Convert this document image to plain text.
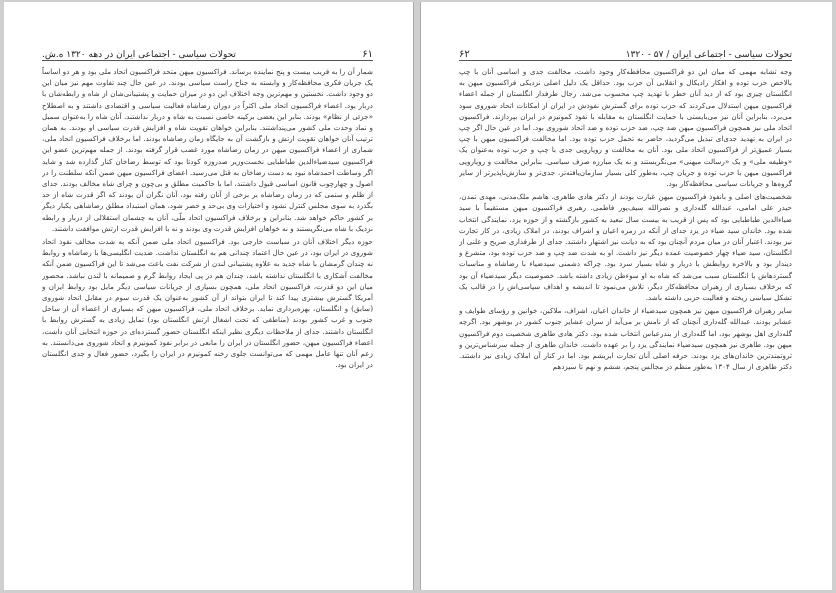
تحولات سیاسی - اجتماعی ایران در دهه ۱۳۲۰ ه.ش.	۶۱

شمار آن را به فریب بیست و پنج نماینده برساند. فراکسیون میهن متحد فراکسیون اتحاد ملی بود و هر دو اساساً یک جریان فکری محافظه‌کار و وابسته به جناح راست سیاسی بودند. در عین حال چند تفاوت مهم نیز میان این دو وجود داشت. نخستین و مهم‌ترین وجه اختلاف این دو در میزان حمایت و پشتیبانی‌شان از شاه و رابطه‌شان با دربار بود. اعضاء فراکسیون اتحاد ملی اکثراً در دوران رضاشاه فعالیت سیاسی و اقتصادی داشتند و به اصطلاح «جزئی از نظام» بودند. بنابر این بعضی برکینه خاصی نسبت به شاه و دربار نداشتند. آنان شاه را به‌عنوان سمبل و نماد وحدت ملی کشور می‌پنداشتند. بنابراین خواهان تقویت شاه و افزایش قدرت سیاسی او بودند. به همان ترتیب آنان خواهان تقویت ارتش و بازگشت آن به جایگاه زمان رضاشاه بودند. اما برخلاف فراکسیون اتحاد ملی، شماری از اعضاء فراکسیون میهن در زمان رضاشاه مورد غضب قرار گرفته بودند. از جمله مهم‌ترین عضو این فراکسیون سیدضیاءالدین طباطبایی نخست‌وزیر صدروزه کودتا بود که توسط رضاخان کنار گذارده شد و شاید اگر وساطت احمدشاه نبود به دست رضاخان به قتل می‌رسید. اعضای فراکسیون میهن ضمن آنکه سلطنت را در اصول و چهارچوب قانون اساسی قبول داشتند، اما با حاکمیت مطلق و بی‌چون و چرای شاه مخالف بودند. جدای از ظلم و ستمی که در زمان رضاشاه بر برخی از آنان رفته بود، آنان نگران آن بودند که اگر قدرت شاه از حد بگذرد به سوی مجلس کنترل نشود و اختیارات وی بی‌حد و حصر شود، همان استبداد مطلق رضاشاهی یکبار دیگر بر کشور حاکم خواهد شد. بنابراین و برخلاف فراکسیون اتحاد ملّی، آنان به چشمان استقلالی از دربار و رابطه نزدیک با شاه می‌نگریستند و نه خواهان افزایش قدرت وی بودند و نه با افزایش قدرت ارتش موافقت داشتند.

حوزه دیگر اختلاف آنان در سیاست خارجی بود. فراکسیون اتحاد ملی ضمن آنکه به شدت مخالف نفوذ اتحاد شوروی در ایران بود، در عین حال اعتماد چندانی هم به انگلستان نداشت. ضدیت انگلیسی‌ها با رضاشاه و روابط نه چندان گرمشان با شاه جدید به علاوه پشتیبانی لندن از شرکت نفت باعث می‌شد تا این فراکسیون ضمن آنکه مخالفت آشکاری با انگلستان نداشته باشد، چندان هم در پی ایجاد روابط گرم و صمیمانه با لندن نباشد. محصور میان این دو قدرت، فراکسیون اتحاد ملی، همچون بسیاری از جریانات سیاسی دیگر مایل بود روابط ایران و آمریکا گسترش بیشتری پیدا کند تا ایران بتواند از آن کشور به‌عنوان یک قدرت سوم در مقابل اتحاد شوروی (سابق) و انگلستان، بهره‌برداری نماید. برخلاف اتحاد ملی، فراکسیون میهن که بسیاری از اعضاء آن از ساحل جنوب و غرب کشور بودند (مناطقی که تحت اشغال ارتش انگلستان بود) تمایل زیادی به گسترش روابط با انگلستان داشتند. جدای از ملاحظات دیگری نظیر اینکه انگلستان حضور گسترده‌ای در حوزه انتخابی آنان داشت، اعضاء فراکسیون میهن، حضور انگلستان در ایران را مانعی در برابر نفوذ کمونیزم و اتحاد شوروی می‌دانستند. به زعم آنان تنها عامل مهمی که می‌توانست جلوی رخنه کمونیزم در ایران را بگیرد، حضور فعال و جدی انگلستان در ایران بود.

۶۲	تحولات سیاسی - اجتماعی ایران / ۵۷ - ۱۳۲۰

وجه تشابه مهمی که میان این دو فراکسیون محافظه‌کار وجود داشت، مخالفت جدی و اساسی آنان با چپ بالاخص حزب توده و افکار رادیکال و انقلابی آن حزب بود. حداقل یک دلیل اصلی نزدیکی فراکسیون میهن به انگلستان چیزی بود که از دید آنان خطر با تهدید چپ محسوب می‌شد. رجال طرفدار انگلستان از جمله اعضاء فراکسیون میهن استدلال می‌کردند که حزب توده برای گسترش نفوذش در ایران از امکانات اتحاد شوروی سود می‌برد، بنابراین آنان نیز می‌بایستی با حمایت انگلستان به مقابله با نفوذ کمونیزم در ایران بپردازند. فراکسیون اتحاد ملی نیز همچون فراکسیون میهن ضد چپ، ضد حزب توده و ضد اتحاد شوروی بود. اما در عین حال اگر چپ در ایران به تهدید جدی‌ای تبدیل می‌گردید، حاضر به تحمل حزب توده بود. اما مخالفت فراکسیون میهن با چپ بسیار عمیق‌تر از فراکسیون اتحاد ملی بود. آنان به مخالفت و رویارویی جدی با چپ و حزب توده به‌عنوان یک «وظیفه ملی» و یک «رسالت میهنی» می‌نگریستند و نه یک مبارزه صرف سیاسی. بنابراین مخالفت و رویارویی فراکسیون میهن با حزب توده و جریان چپ، به‌طور کلی بسیار سازمان‌یافته‌تر، جدی‌تر و سازش‌ناپذیرتر از سایر گروه‌ها و جریانات سیاسی محافظه‌کار بود.

شخصیت‌های اصلی و بانفوذ فراکسیون میهن عبارت بودند از دکتر هادی طاهری، هاشم ملک‌مدنی، مهدی تمدن، حیدر علی امامی، عبدالله گله‌داری و نصرالله سیف‌پور فاطمی. رهبری فراکسیون میهن مستقیماً با سید ضیاءالدین طباطبایی بود که پس از قریب به بیست سال تبعید به کشور بازگشته و از حوزه یزد، نمایندگی انتخاب شده بود. خاندان سید ضیاء در یزد جدای از آنکه در زمره اعیان و اشراف بودند، در املاک زیادی، در کار تجارت نیز بودند. اعتبار آنان در میان مردم آنچنان بود که به دیانت نیز اشتهار داشتند. جدای از طرفداری صریح و علنی از انگلستان، سید ضیاء چهار خصوصیت عمده دیگر نیز داشت. او به شدت ضد چپ و ضد حزب توده بود، متشرع و دیندار بود و بالاخره روابطش با دربار و شاه بسیار سرد بود. چراکه دشمنی سیدضیاء با رضاشاه و مناسبات گستردهاش با انگلستان سبب می‌شد که شاه به او سوءظن زیادی داشته باشد. خصوصیت دیگر سیدضیاء آن بود که برخلاف بسیاری از رهبران محافظه‌کار دیگر، تلاش می‌نمود تا اندیشه و اهداف سیاسی‌اش را در قالب یک تشکل سیاسی ریخته و فعالیت حزبی داشته باشد.

سایر رهبران فراکسیون میهن نیز همچون سیدضیاء از خاندان اعیان، اشراف، ملاکین، خوانین و رؤسای طوایف و عشایر بودند. عبدالله گله‌داری آنچنان که از نامش بر می‌آید از سران عشایر جنوب کشور در بوشهر بود. اگرچه گله‌داری اهل بوشهر بود، اما گله‌داری از بندرعباس انتخاب شده بود. دکتر هادی طاهری شخصیت دوم فراکسیون میهن بود. طاهری نیز همچون سیدضیاء نمایندگی یزد را بر عهده داشت. خاندان طاهری از جمله سرشناس‌ترین و ثروتمندترین خاندان‌های یزد بودند. حرفه اصلی آنان تجارت ابریشم بود. اما در کنار آن املاک زیادی نیز داشتند. دکتر طاهری از سال ۱۳۰۴ به‌طور منظم در مجالس پنجم، ششم و نهم تا سیزدهم
